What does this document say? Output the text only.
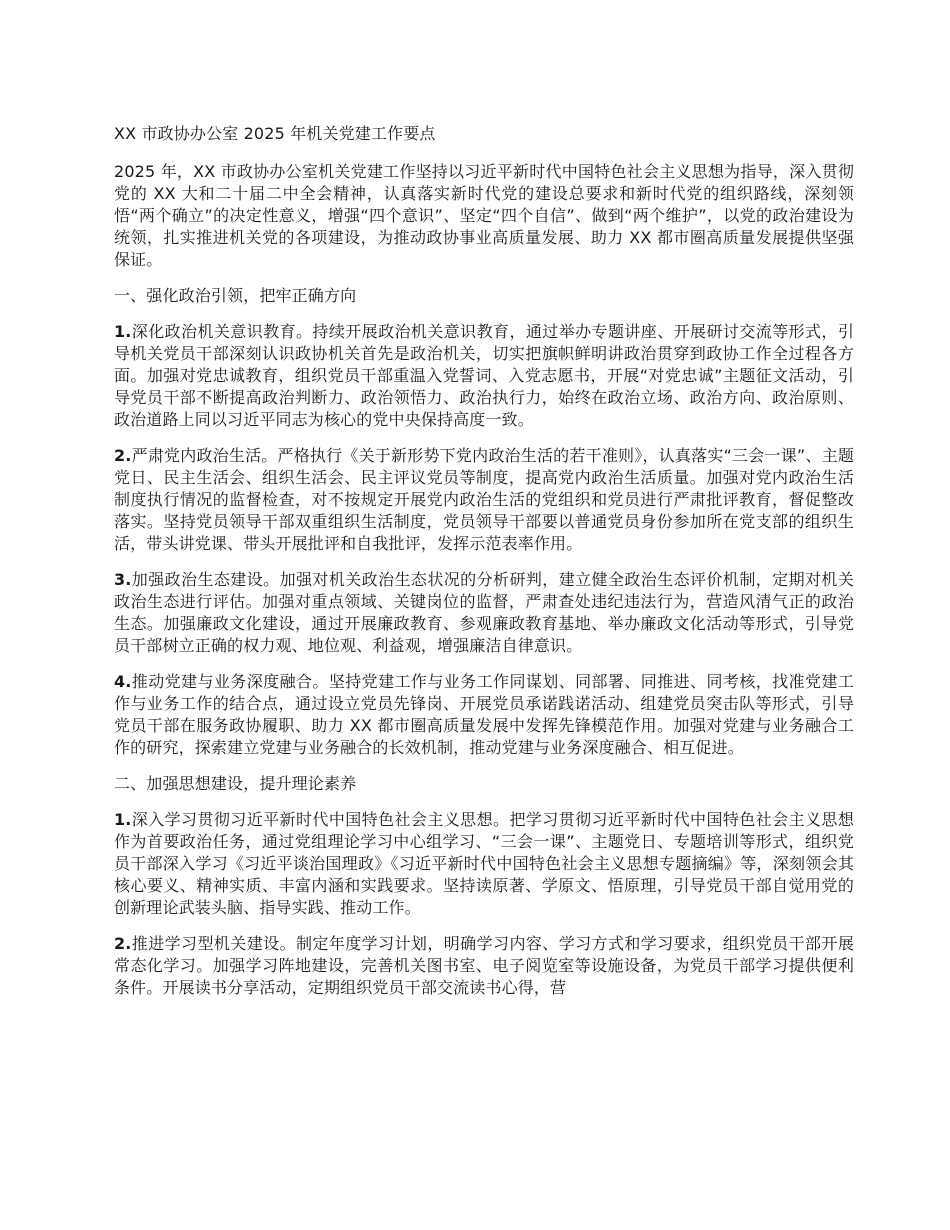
XX 市政协办公室 2025 年机关党建工作要点

2025 年，XX 市政协办公室机关党建工作坚持以习近平新时代中国特色社会主义思想为指导，深入贯彻党的 XX 大和二十届二中全会精神，认真落实新时代党的建设总要求和新时代党的组织路线，深刻领悟“两个确立”的决定性意义，增强“四个意识”、坚定“四个自信”、做到“两个维护”，以党的政治建设为统领，扎实推进机关党的各项建设，为推动政协事业高质量发展、助力 XX 都市圈高质量发展提供坚强保证。

一、强化政治引领，把牢正确方向

1.深化政治机关意识教育。持续开展政治机关意识教育，通过举办专题讲座、开展研讨交流等形式，引导机关党员干部深刻认识政协机关首先是政治机关，切实把旗帜鲜明讲政治贯穿到政协工作全过程各方面。加强对党忠诚教育，组织党员干部重温入党誓词、入党志愿书，开展“对党忠诚”主题征文活动，引导党员干部不断提高政治判断力、政治领悟力、政治执行力，始终在政治立场、政治方向、政治原则、政治道路上同以习近平同志为核心的党中央保持高度一致。

2.严肃党内政治生活。严格执行《关于新形势下党内政治生活的若干准则》，认真落实“三会一课”、主题党日、民主生活会、组织生活会、民主评议党员等制度，提高党内政治生活质量。加强对党内政治生活制度执行情况的监督检查，对不按规定开展党内政治生活的党组织和党员进行严肃批评教育，督促整改落实。坚持党员领导干部双重组织生活制度，党员领导干部要以普通党员身份参加所在党支部的组织生活，带头讲党课、带头开展批评和自我批评，发挥示范表率作用。

3.加强政治生态建设。加强对机关政治生态状况的分析研判，建立健全政治生态评价机制，定期对机关政治生态进行评估。加强对重点领域、关键岗位的监督，严肃查处违纪违法行为，营造风清气正的政治生态。加强廉政文化建设，通过开展廉政教育、参观廉政教育基地、举办廉政文化活动等形式，引导党员干部树立正确的权力观、地位观、利益观，增强廉洁自律意识。

4.推动党建与业务深度融合。坚持党建工作与业务工作同谋划、同部署、同推进、同考核，找准党建工作与业务工作的结合点，通过设立党员先锋岗、开展党员承诺践诺活动、组建党员突击队等形式，引导党员干部在服务政协履职、助力 XX 都市圈高质量发展中发挥先锋模范作用。加强对党建与业务融合工作的研究，探索建立党建与业务融合的长效机制，推动党建与业务深度融合、相互促进。

二、加强思想建设，提升理论素养

1.深入学习贯彻习近平新时代中国特色社会主义思想。把学习贯彻习近平新时代中国特色社会主义思想作为首要政治任务，通过党组理论学习中心组学习、“三会一课”、主题党日、专题培训等形式，组织党员干部深入学习《习近平谈治国理政》《习近平新时代中国特色社会主义思想专题摘编》等，深刻领会其核心要义、精神实质、丰富内涵和实践要求。坚持读原著、学原文、悟原理，引导党员干部自觉用党的创新理论武装头脑、指导实践、推动工作。

2.推进学习型机关建设。制定年度学习计划，明确学习内容、学习方式和学习要求，组织党员干部开展常态化学习。加强学习阵地建设，完善机关图书室、电子阅览室等设施设备，为党员干部学习提供便利条件。开展读书分享活动，定期组织党员干部交流读书心得，营
